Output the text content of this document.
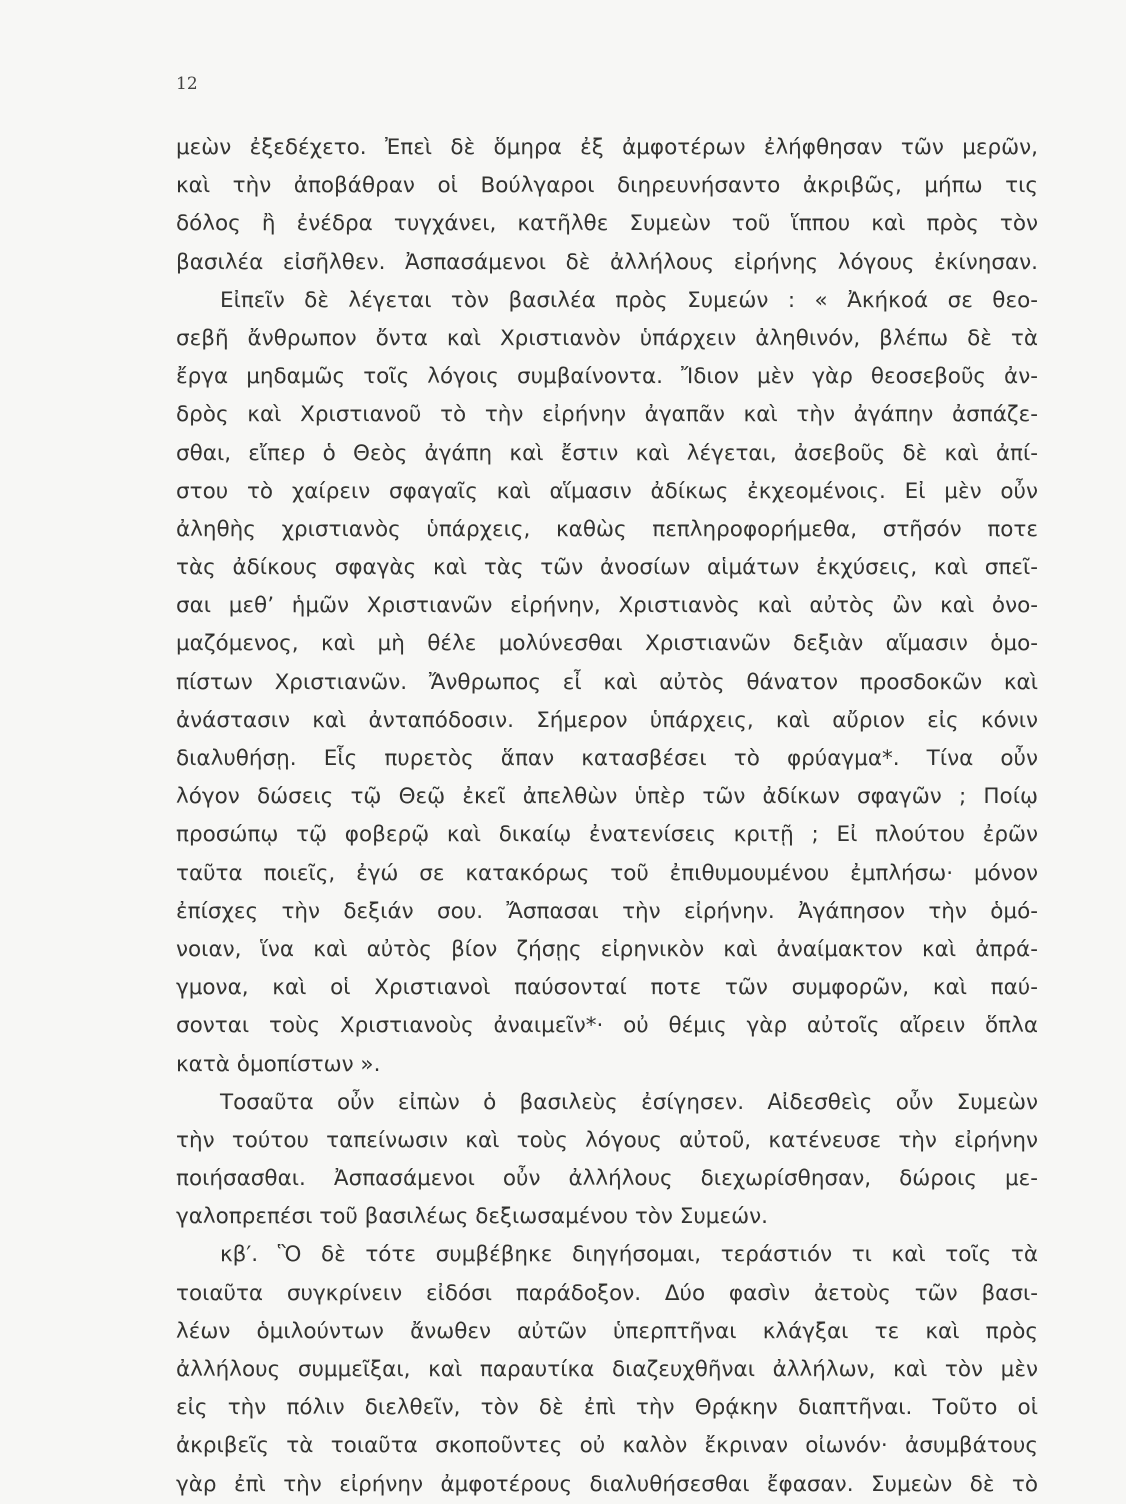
12
μεὼν ἐξεδέχετο. Ἐπεὶ δὲ ὅμηρα ἐξ ἀμφοτέρων ἐλήφθησαν τῶν μερῶν,
καὶ τὴν ἀποβάθραν οἱ Βούλγαροι διηρευνήσαντο ἀκριβῶς, μήπω τις
δόλος ἢ ἐνέδρα τυγχάνει, κατῆλθε Συμεὼν τοῦ ἵππου καὶ πρὸς τὸν
βασιλέα εἰσῆλθεν. Ἀσπασάμενοι δὲ ἀλλήλους εἰρήνης λόγους ἐκίνησαν.
Εἰπεῖν δὲ λέγεται τὸν βασιλέα πρὸς Συμεών : « Ἀκήκοά σε θεο-
σεβῆ ἄνθρωπον ὄντα καὶ Χριστιανὸν ὑπάρχειν ἀληθινόν, βλέπω δὲ τὰ
ἔργα μηδαμῶς τοῖς λόγοις συμβαίνοντα. Ἴδιον μὲν γὰρ θεοσεβοῦς ἀν-
δρὸς καὶ Χριστιανοῦ τὸ τὴν εἰρήνην ἀγαπᾶν καὶ τὴν ἀγάπην ἀσπάζε-
σθαι, εἴπερ ὁ Θεὸς ἀγάπη καὶ ἔστιν καὶ λέγεται, ἀσεβοῦς δὲ καὶ ἀπί-
στου τὸ χαίρειν σφαγαῖς καὶ αἵμασιν ἀδίκως ἐκχεομένοις. Εἰ μὲν οὖν
ἀληθὴς χριστιανὸς ὑπάρχεις, καθὼς πεπληροφορήμεθα, στῆσόν ποτε
τὰς ἀδίκους σφαγὰς καὶ τὰς τῶν ἀνοσίων αἱμάτων ἐκχύσεις, καὶ σπεῖ-
σαι μεθ’ ἡμῶν Χριστιανῶν εἰρήνην, Χριστιανὸς καὶ αὐτὸς ὢν καὶ ὀνο-
μαζόμενος, καὶ μὴ θέλε μολύνεσθαι Χριστιανῶν δεξιὰν αἵμασιν ὁμο-
πίστων Χριστιανῶν. Ἄνθρωπος εἶ καὶ αὐτὸς θάνατον προσδοκῶν καὶ
ἀνάστασιν καὶ ἀνταπόδοσιν. Σήμερον ὑπάρχεις, καὶ αὔριον εἰς κόνιν
διαλυθήσῃ. Εἷς πυρετὸς ἅπαν κατασβέσει τὸ φρύαγμα*. Τίνα οὖν
λόγον δώσεις τῷ Θεῷ ἐκεῖ ἀπελθὼν ὑπὲρ τῶν ἀδίκων σφαγῶν ; Ποίῳ
προσώπῳ τῷ φοβερῷ καὶ δικαίῳ ἐνατενίσεις κριτῇ ; Εἰ πλούτου ἐρῶν
ταῦτα ποιεῖς, ἐγώ σε κατακόρως τοῦ ἐπιθυμουμένου ἐμπλήσω· μόνον
ἐπίσχες τὴν δεξιάν σου. Ἄσπασαι τὴν εἰρήνην. Ἀγάπησον τὴν ὁμό-
νοιαν, ἵνα καὶ αὐτὸς βίον ζήσῃς εἰρηνικὸν καὶ ἀναίμακτον καὶ ἀπρά-
γμονα, καὶ οἱ Χριστιανοὶ παύσονταί ποτε τῶν συμφορῶν, καὶ παύ-
σονται τοὺς Χριστιανοὺς ἀναιμεῖν*· οὐ θέμις γὰρ αὐτοῖς αἴρειν ὅπλα
κατὰ ὁμοπίστων ».
Τοσαῦτα οὖν εἰπὼν ὁ βασιλεὺς ἐσίγησεν. Αἰδεσθεὶς οὖν Συμεὼν
τὴν τούτου ταπείνωσιν καὶ τοὺς λόγους αὐτοῦ, κατένευσε τὴν εἰρήνην
ποιήσασθαι. Ἀσπασάμενοι οὖν ἀλλήλους διεχωρίσθησαν, δώροις με-
γαλοπρεπέσι τοῦ βασιλέως δεξιωσαμένου τὸν Συμεών.
κβ′. Ὃ δὲ τότε συμβέβηκε διηγήσομαι, τεράστιόν τι καὶ τοῖς τὰ
τοιαῦτα συγκρίνειν εἰδόσι παράδοξον. Δύο φασὶν ἀετοὺς τῶν βασι-
λέων ὁμιλούντων ἄνωθεν αὐτῶν ὑπερπτῆναι κλάγξαι τε καὶ πρὸς
ἀλλήλους συμμεῖξαι, καὶ παραυτίκα διαζευχθῆναι ἀλλήλων, καὶ τὸν μὲν
εἰς τὴν πόλιν διελθεῖν, τὸν δὲ ἐπὶ τὴν Θρᾴκην διαπτῆναι. Τοῦτο οἱ
ἀκριβεῖς τὰ τοιαῦτα σκοποῦντες οὐ καλὸν ἔκριναν οἰωνόν· ἀσυμβάτους
γὰρ ἐπὶ τὴν εἰρήνην ἀμφοτέρους διαλυθήσεσθαι ἔφασαν. Συμεὼν δὲ τὸ
